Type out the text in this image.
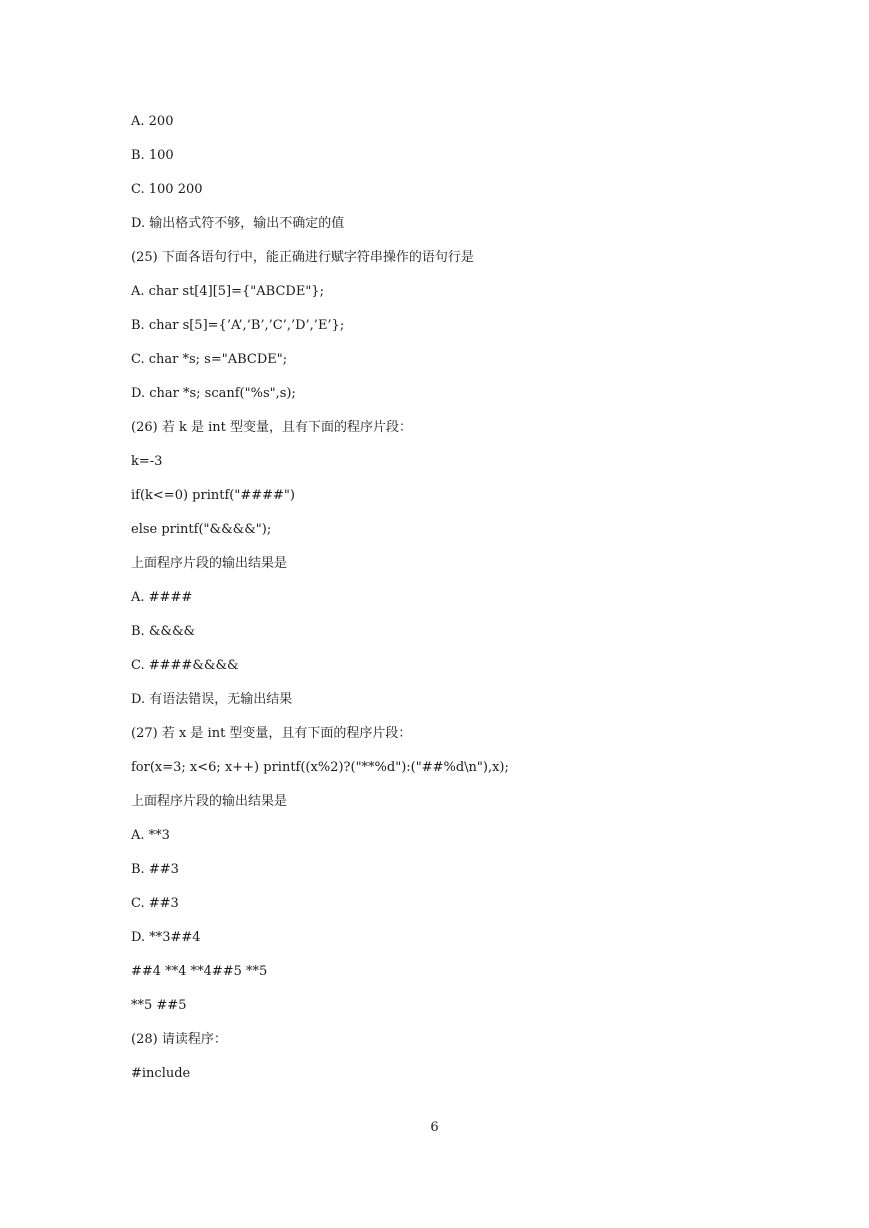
A. 200
B. 100
C. 100 200
D. 输出格式符不够，输出不确定的值
(25) 下面各语句行中，能正确进行赋字符串操作的语句行是
A. char st[4][5]={"ABCDE"};
B. char s[5]={’A’,’B’,’C’,’D’,’E’};
C. char *s; s="ABCDE";
D. char *s; scanf("%s",s);
(26) 若 k 是 int 型变量，且有下面的程序片段：
k=-3
if(k<=0) printf("####")
else printf("&&&&");
上面程序片段的输出结果是
A. ####
B. &&&&
C. ####&&&&
D. 有语法错误，无输出结果
(27) 若 x 是 int 型变量，且有下面的程序片段：
for(x=3; x<6; x++) printf((x%2)?("**%d"):("##%d\n"),x);
上面程序片段的输出结果是
A. **3
B. ##3
C. ##3
D. **3##4
##4 **4 **4##5 **5
**5 ##5
(28) 请读程序：
#include
6
